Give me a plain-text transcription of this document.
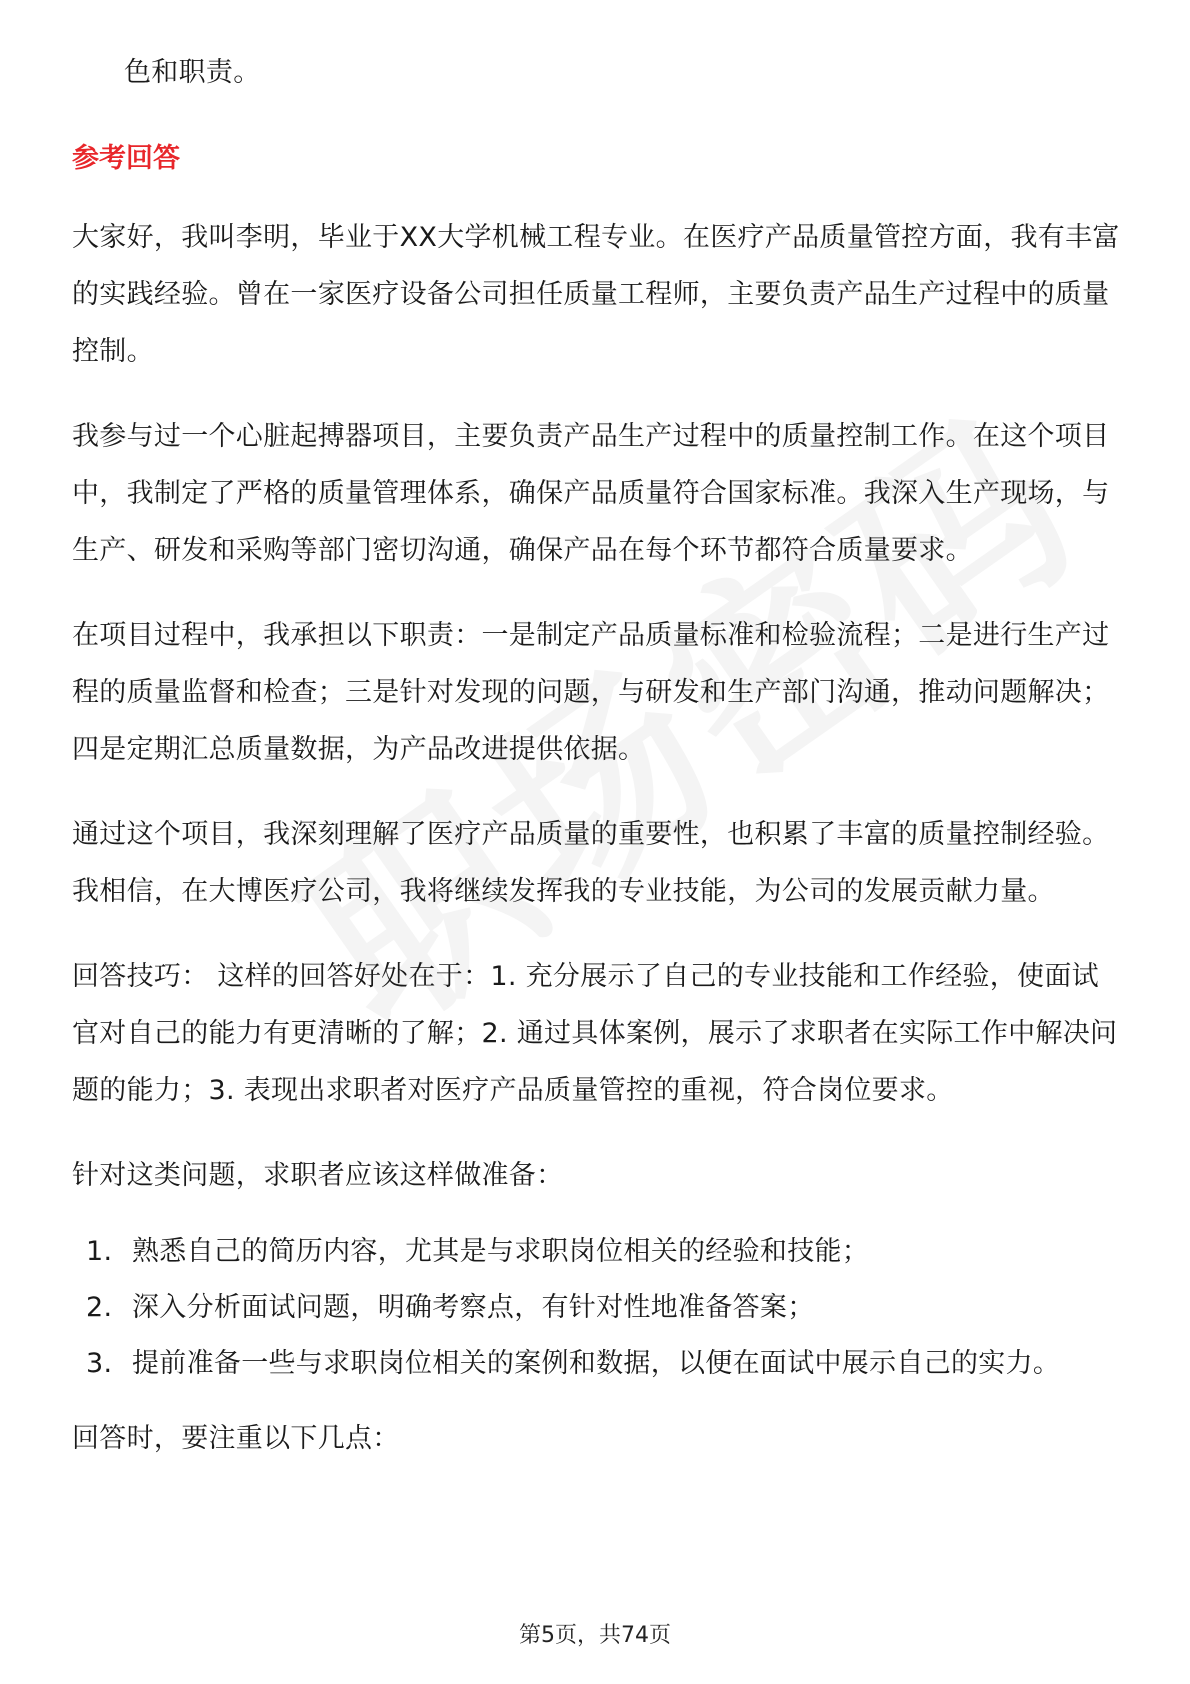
色和职责。

参考回答

大家好，我叫李明，毕业于XX大学机械工程专业。在医疗产品质量管控方面，我有丰富的实践经验。曾在一家医疗设备公司担任质量工程师，主要负责产品生产过程中的质量控制。

我参与过一个心脏起搏器项目，主要负责产品生产过程中的质量控制工作。在这个项目中，我制定了严格的质量管理体系，确保产品质量符合国家标准。我深入生产现场，与生产、研发和采购等部门密切沟通，确保产品在每个环节都符合质量要求。

在项目过程中，我承担以下职责：一是制定产品质量标准和检验流程；二是进行生产过程的质量监督和检查；三是针对发现的问题，与研发和生产部门沟通，推动问题解决；四是定期汇总质量数据，为产品改进提供依据。

通过这个项目，我深刻理解了医疗产品质量的重要性，也积累了丰富的质量控制经验。我相信，在大博医疗公司，我将继续发挥我的专业技能，为公司的发展贡献力量。

回答技巧： 这样的回答好处在于：1. 充分展示了自己的专业技能和工作经验，使面试官对自己的能力有更清晰的了解；2. 通过具体案例，展示了求职者在实际工作中解决问题的能力；3. 表现出求职者对医疗产品质量管控的重视，符合岗位要求。

针对这类问题，求职者应该这样做准备：

1. 熟悉自己的简历内容，尤其是与求职岗位相关的经验和技能；
2. 深入分析面试问题，明确考察点，有针对性地准备答案；
3. 提前准备一些与求职岗位相关的案例和数据，以便在面试中展示自己的实力。

回答时，要注重以下几点：

第5页，共74页
